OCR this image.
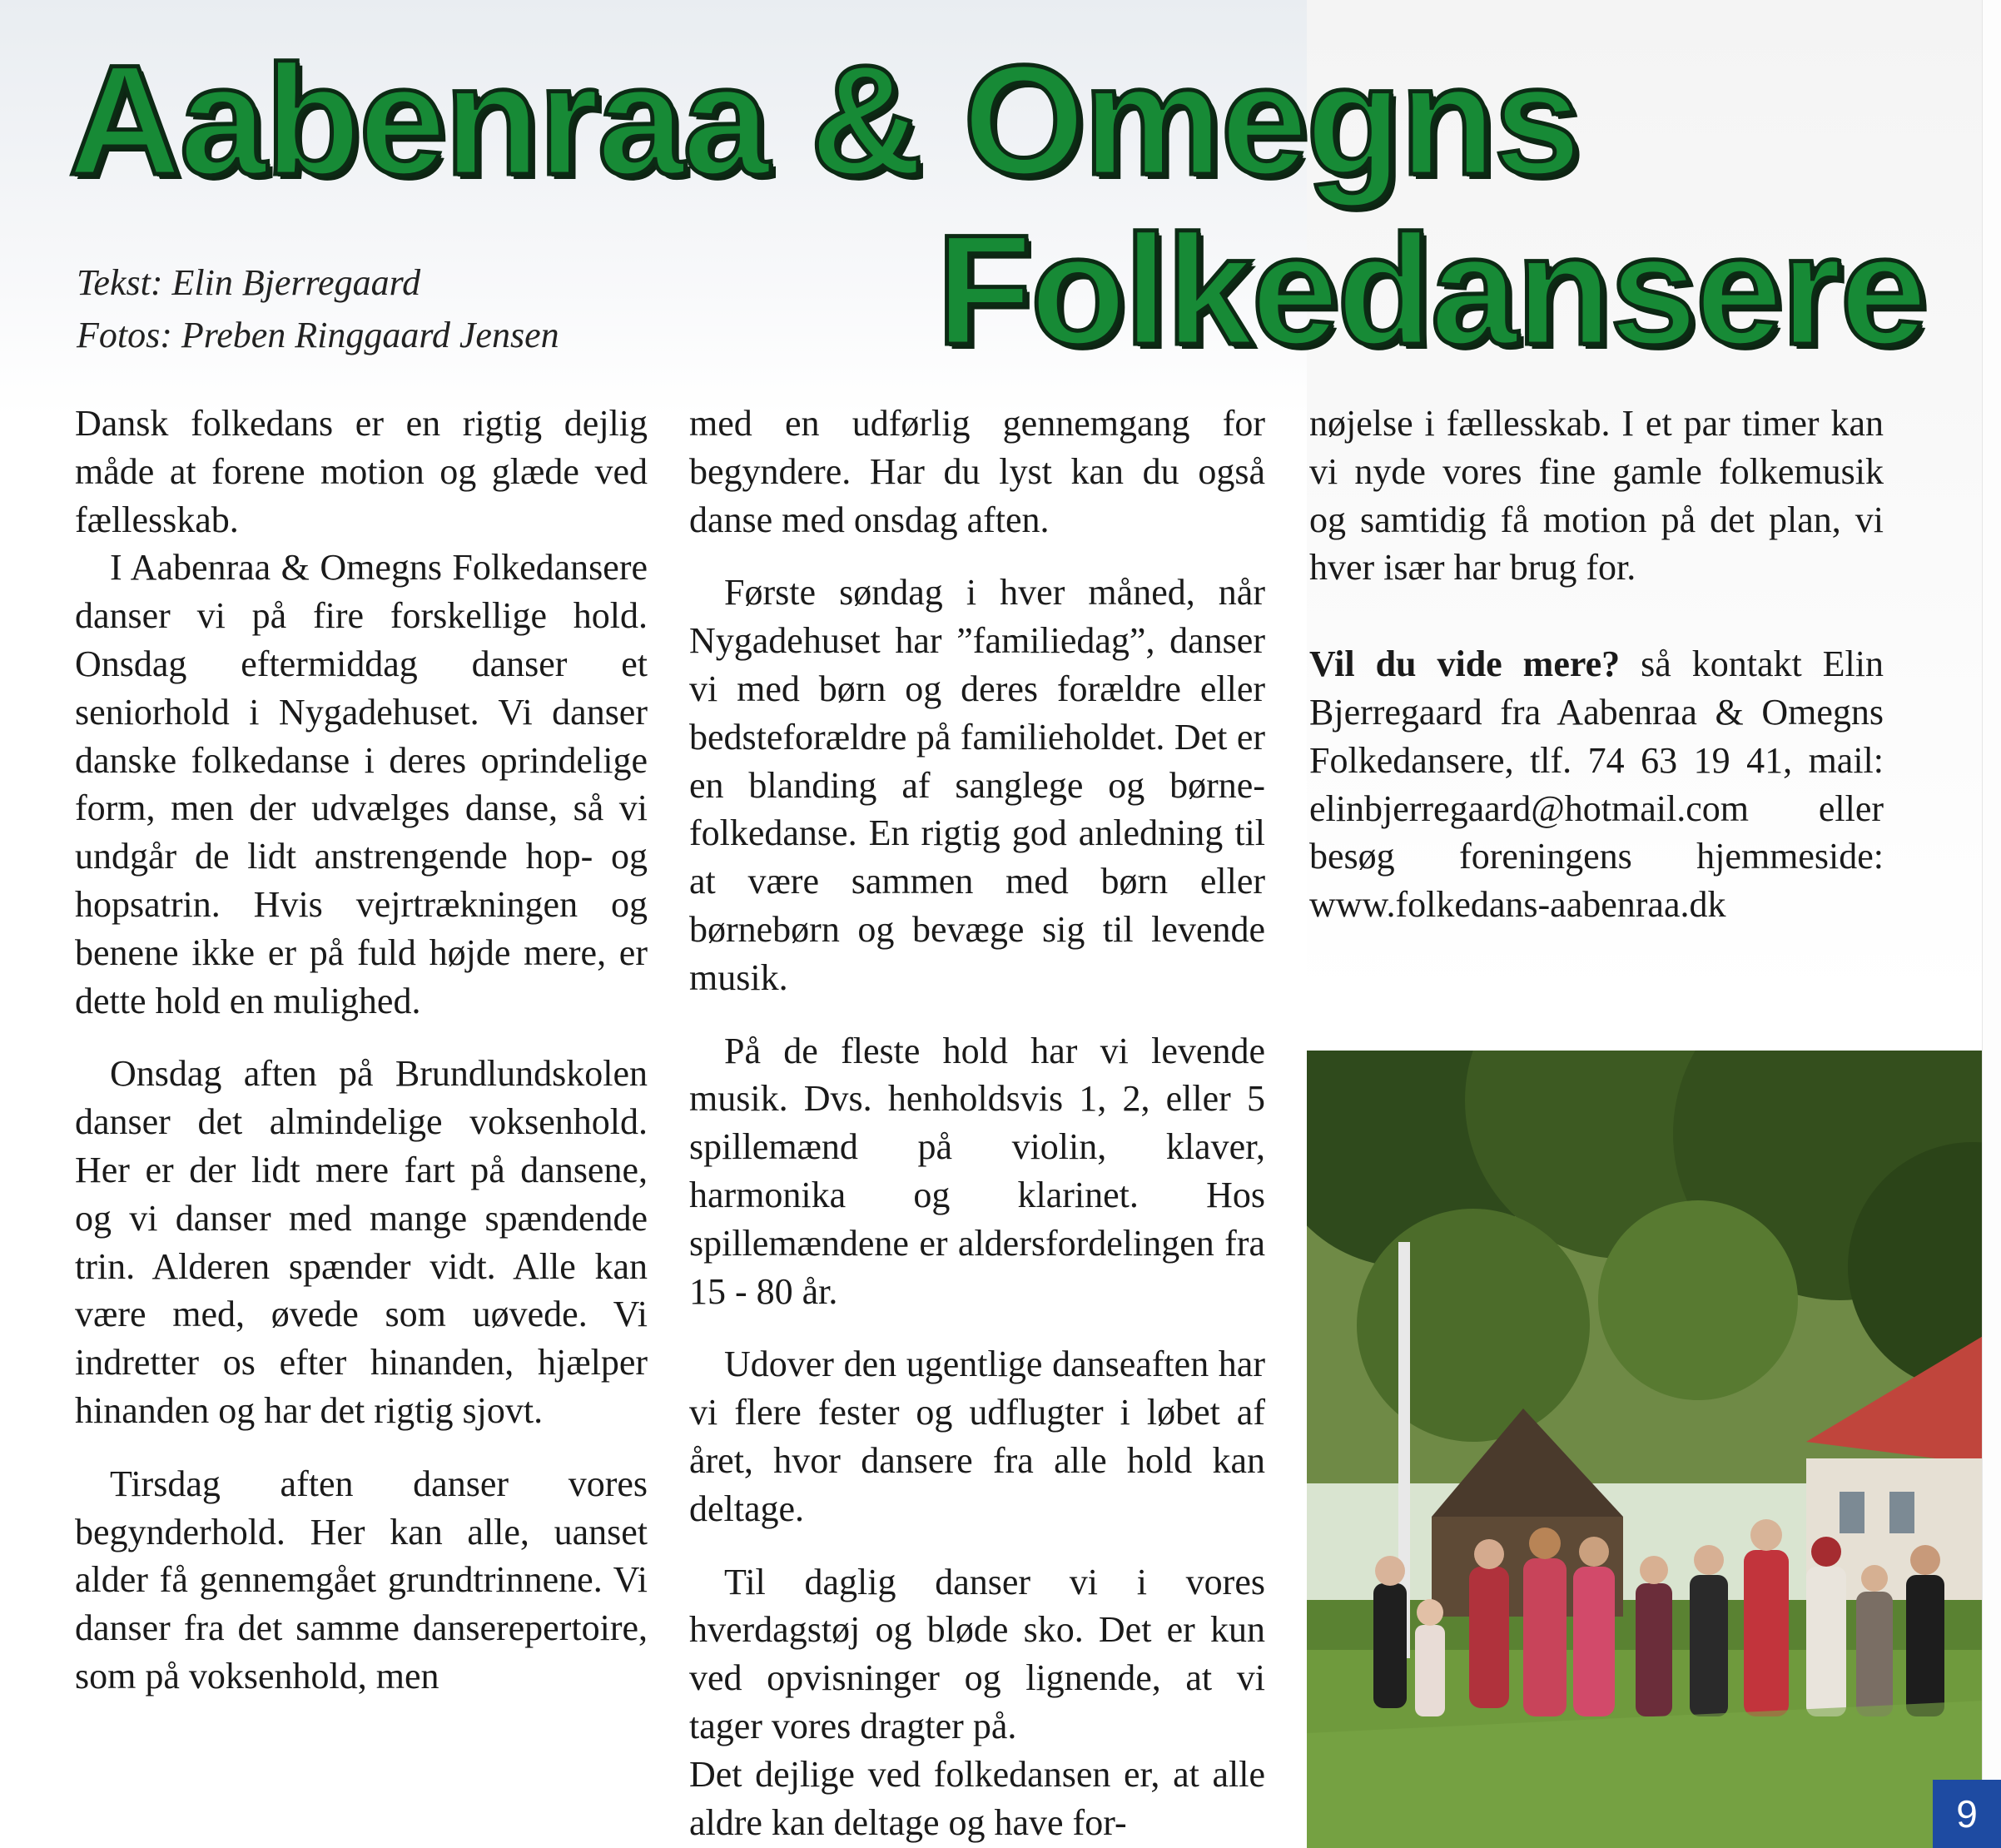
Aabenraa & Omegns
Folkedansere
Tekst: Elin Bjerregaard
Fotos: Preben Ringgaard Jensen

Dansk folkedans er en rigtig dejlig måde at forene motion og glæde ved fællesskab.

I Aabenraa & Omegns Folkedansere danser vi på fire forskellige hold. Onsdag eftermiddag danser et seniorhold i Nygadehuset. Vi danser danske folkedanse i deres oprindelige form, men der udvælges danse, så vi undgår de lidt anstrengende hop- og hopsatrin. Hvis vejrtrækningen og benene ikke er på fuld højde mere, er dette hold en mulighed.

Onsdag aften på Brundlundskolen danser det almindelige voksenhold. Her er der lidt mere fart på dansene, og vi danser med mange spændende trin. Alderen spænder vidt. Alle kan være med, øvede som uøvede. Vi indretter os efter hinanden, hjælper hinanden og har det rigtig sjovt.

Tirsdag aften danser vores begynderhold. Her kan alle, uanset alder få gennemgået grundtrinnene. Vi danser fra det samme danserepertoire, som på voksenhold, men

med en udførlig gennemgang for begyndere. Har du lyst kan du også danse med onsdag aften.

Første søndag i hver måned, når Nygadehuset har ”familiedag”, danser vi med børn og deres forældre eller bedsteforældre på familieholdet. Det er en blanding af sanglege og børne-folkedanse. En rigtig god anledning til at være sammen med børn eller børnebørn og bevæge sig til levende musik.

På de fleste hold har vi levende musik. Dvs. henholdsvis 1, 2, eller 5 spillemænd på violin, klaver, harmonika og klarinet. Hos spillemændene er aldersfordelingen fra 15 - 80 år.

Udover den ugentlige danseaften har vi flere fester og udflugter i løbet af året, hvor dansere fra alle hold kan deltage.

Til daglig danser vi i vores hverdagstøj og bløde sko. Det er kun ved opvisninger og lignende, at vi tager vores dragter på.

Det dejlige ved folkedansen er, at alle aldre kan deltage og have for-

nøjelse i fællesskab. I et par timer kan vi nyde vores fine gamle folkemusik og samtidig få motion på det plan, vi hver især har brug for.

Vil du vide mere? så kontakt Elin Bjerregaard fra Aabenraa & Omegns Folkedansere, tlf. 74 63 19 41, mail: elinbjerregaard@hotmail.com eller besøg foreningens hjemmeside: www.folkedans-aabenraa.dk

9
